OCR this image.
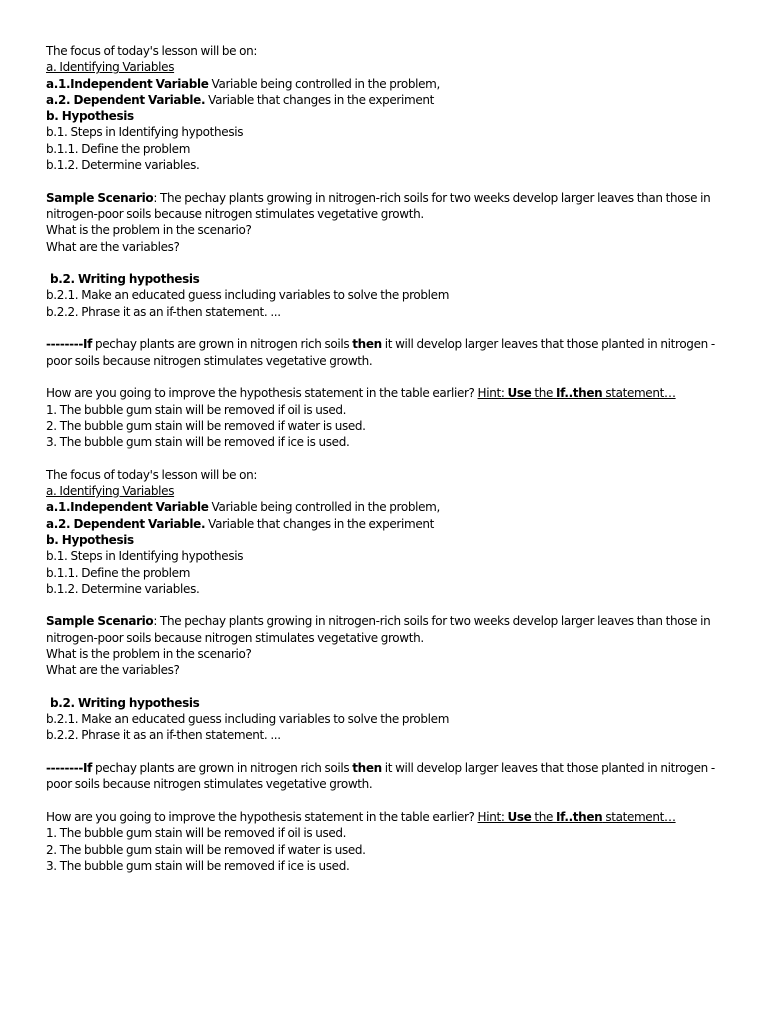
The focus of today's lesson will be on:
a. Identifying Variables
a.1.Independent Variable Variable being controlled in the problem,
a.2. Dependent Variable. Variable that changes in the experiment
b. Hypothesis
b.1. Steps in Identifying hypothesis
b.1.1. Define the problem
b.1.2. Determine variables.
Sample Scenario: The pechay plants growing in nitrogen-rich soils for two weeks develop larger leaves than those in nitrogen-poor soils because nitrogen stimulates vegetative growth.
What is the problem in the scenario?
What are the variables?
b.2. Writing hypothesis
b.2.1. Make an educated guess including variables to solve the problem
b.2.2. Phrase it as an if-then statement. ...
--------If pechay plants are grown in nitrogen rich soils then it will develop larger leaves that those planted in nitrogen -poor soils because nitrogen stimulates vegetative growth.
How are you going to improve the hypothesis statement in the table earlier? Hint: Use the If..then statement…
1. The bubble gum stain will be removed if oil is used.
2. The bubble gum stain will be removed if water is used.
3. The bubble gum stain will be removed if ice is used.
The focus of today's lesson will be on:
a. Identifying Variables
a.1.Independent Variable Variable being controlled in the problem,
a.2. Dependent Variable. Variable that changes in the experiment
b. Hypothesis
b.1. Steps in Identifying hypothesis
b.1.1. Define the problem
b.1.2. Determine variables.
Sample Scenario: The pechay plants growing in nitrogen-rich soils for two weeks develop larger leaves than those in nitrogen-poor soils because nitrogen stimulates vegetative growth.
What is the problem in the scenario?
What are the variables?
b.2. Writing hypothesis
b.2.1. Make an educated guess including variables to solve the problem
b.2.2. Phrase it as an if-then statement. ...
--------If pechay plants are grown in nitrogen rich soils then it will develop larger leaves that those planted in nitrogen -poor soils because nitrogen stimulates vegetative growth.
How are you going to improve the hypothesis statement in the table earlier? Hint: Use the If..then statement…
1. The bubble gum stain will be removed if oil is used.
2. The bubble gum stain will be removed if water is used.
3. The bubble gum stain will be removed if ice is used.
